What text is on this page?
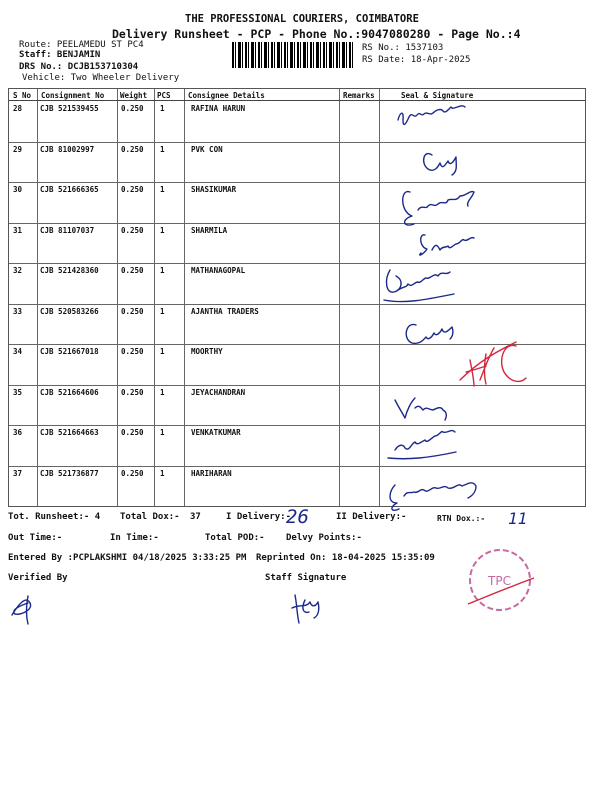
THE PROFESSIONAL COURIERS, COIMBATORE
Delivery Runsheet - PCP - Phone No.:9047080280 - Page No.:4
Route: PEELAMEDU ST PC4
Staff: BENJAMIN
DRS No.: DCJB153710304
Vehicle: Two Wheeler Delivery
RS No.: 1537103
RS Date: 18-Apr-2025
S No Consignment No Weight PCS Consignee Details	Remarks	Seal & Signature
28 CJB 521539455	0.250 1	RAFINA HARUN
29 CJB 81002997	0.250 1	PVK CON
30 CJB 521666365	0.250 1	SHASIKUMAR
31 CJB 81107037	0.250 1	SHARMILA
32 CJB 521428360	0.250 1	MATHANAGOPAL
33 CJB 520583266	0.250 1	AJANTHA TRADERS
34 CJB 521667018	0.250 1	MOORTHY
35 CJB 521664606	0.250 1	JEYACHANDRAN
36 CJB 521664663	0.250 1	VENKATKUMAR
37 CJB 521736877	0.250 1	HARIHARAN
26	11
TPC
Tot. Runsheet:- 4 Total Dox:- 37	I Delivery:-	II Delivery:-	RTN Dox.:-
Out Time:-	In Time:-	Total POD:- Delvy Points:-
Entered By :PCPLAKSHMI 04/18/2025 3:33:25 PM Reprinted On: 18-04-2025 15:35:09
Verified By	Staff Signature
